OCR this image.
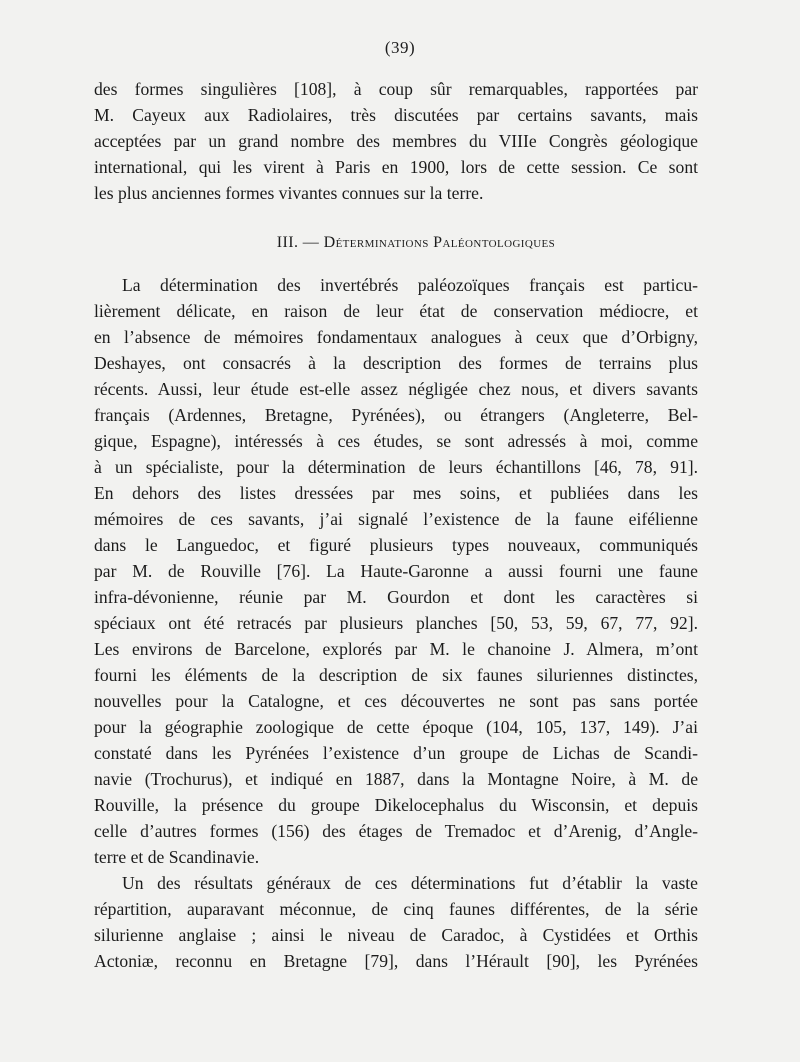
(39)
des formes singulières [108], à coup sûr remarquables, rapportées par
M. Cayeux aux Radiolaires, très discutées par certains savants, mais
acceptées par un grand nombre des membres du VIIIe Congrès géologique
international, qui les virent à Paris en 1900, lors de cette session. Ce sont
les plus anciennes formes vivantes connues sur la terre.
III. — Déterminations Paléontologiques
La détermination des invertébrés paléozoïques français est particu-
lièrement délicate, en raison de leur état de conservation médiocre, et
en l’absence de mémoires fondamentaux analogues à ceux que d’Orbigny,
Deshayes, ont consacrés à la description des formes de terrains plus
récents. Aussi, leur étude est-elle assez négligée chez nous, et divers savants
français (Ardennes, Bretagne, Pyrénées), ou étrangers (Angleterre, Bel-
gique, Espagne), intéressés à ces études, se sont adressés à moi, comme
à un spécialiste, pour la détermination de leurs échantillons [46, 78, 91].
En dehors des listes dressées par mes soins, et publiées dans les
mémoires de ces savants, j’ai signalé l’existence de la faune eifélienne
dans le Languedoc, et figuré plusieurs types nouveaux, communiqués
par M. de Rouville [76]. La Haute-Garonne a aussi fourni une faune
infra-dévonienne, réunie par M. Gourdon et dont les caractères si
spéciaux ont été retracés par plusieurs planches [50, 53, 59, 67, 77, 92].
Les environs de Barcelone, explorés par M. le chanoine J. Almera, m’ont
fourni les éléments de la description de six faunes siluriennes distinctes,
nouvelles pour la Catalogne, et ces découvertes ne sont pas sans portée
pour la géographie zoologique de cette époque (104, 105, 137, 149). J’ai
constaté dans les Pyrénées l’existence d’un groupe de Lichas de Scandi-
navie (Trochurus), et indiqué en 1887, dans la Montagne Noire, à M. de
Rouville, la présence du groupe Dikelocephalus du Wisconsin, et depuis
celle d’autres formes (156) des étages de Tremadoc et d’Arenig, d’Angle-
terre et de Scandinavie.
Un des résultats généraux de ces déterminations fut d’établir la vaste
répartition, auparavant méconnue, de cinq faunes différentes, de la série
silurienne anglaise ; ainsi le niveau de Caradoc, à Cystidées et Orthis
Actoniæ, reconnu en Bretagne [79], dans l’Hérault [90], les Pyrénées
